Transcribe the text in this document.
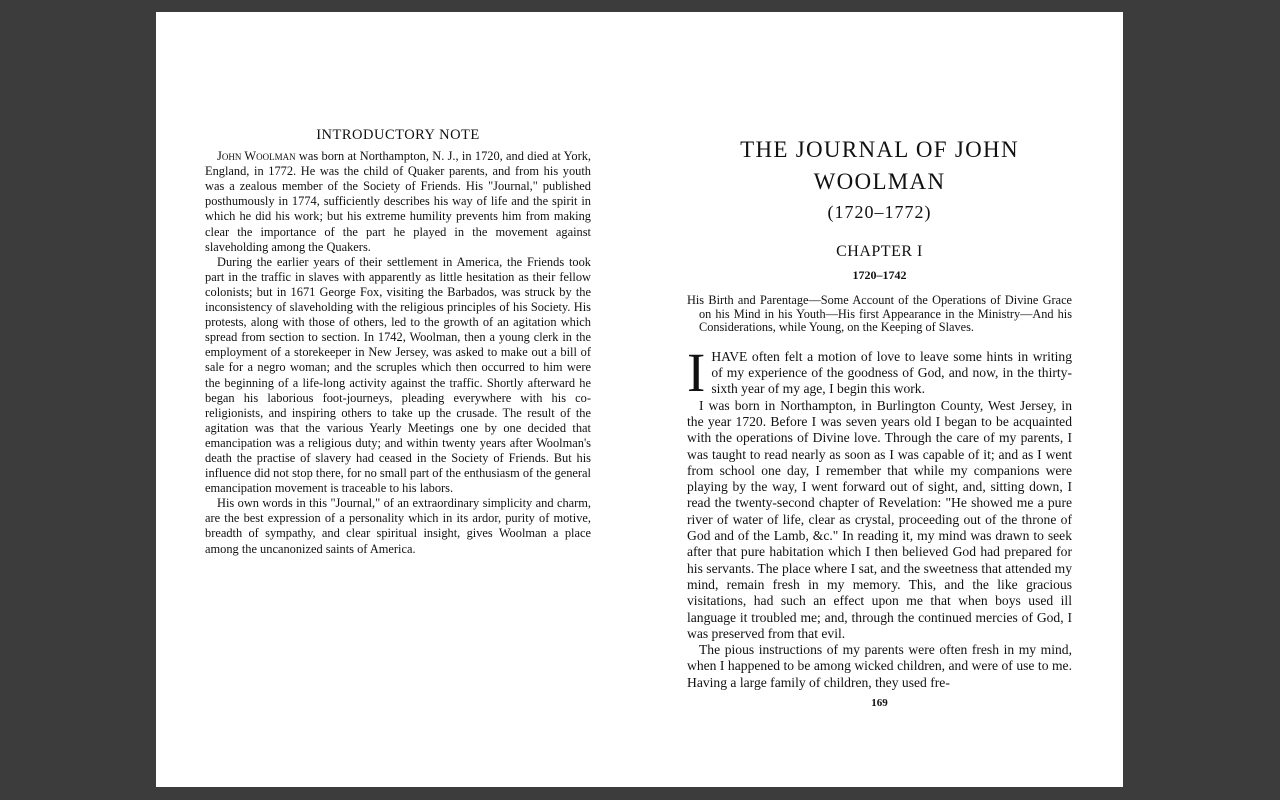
INTRODUCTORY NOTE

John Woolman was born at Northampton, N. J., in 1720, and died at York, England, in 1772. He was the child of Quaker parents, and from his youth was a zealous member of the Society of Friends. His "Journal," published posthumously in 1774, sufficiently describes his way of life and the spirit in which he did his work; but his extreme humility prevents him from making clear the importance of the part he played in the movement against slaveholding among the Quakers.

During the earlier years of their settlement in America, the Friends took part in the traffic in slaves with apparently as little hesitation as their fellow colonists; but in 1671 George Fox, visiting the Barbados, was struck by the inconsistency of slaveholding with the religious principles of his Society. His protests, along with those of others, led to the growth of an agitation which spread from section to section. In 1742, Woolman, then a young clerk in the employment of a storekeeper in New Jersey, was asked to make out a bill of sale for a negro woman; and the scruples which then occurred to him were the beginning of a life-long activity against the traffic. Shortly afterward he began his laborious foot-journeys, pleading everywhere with his co-religionists, and inspiring others to take up the crusade. The result of the agitation was that the various Yearly Meetings one by one decided that emancipation was a religious duty; and within twenty years after Woolman's death the practise of slavery had ceased in the Society of Friends. But his influence did not stop there, for no small part of the enthusiasm of the general emancipation movement is traceable to his labors.

His own words in this "Journal," of an extraordinary simplicity and charm, are the best expression of a personality which in its ardor, purity of motive, breadth of sympathy, and clear spiritual insight, gives Woolman a place among the uncanonized saints of America.

THE JOURNAL OF JOHN WOOLMAN
(1720–1772)
CHAPTER I
1720–1742
His Birth and Parentage—Some Account of the Operations of Divine Grace on his Mind in his Youth—His first Appearance in the Ministry—And his Considerations, while Young, on the Keeping of Slaves.

IHAVE often felt a motion of love to leave some hints in writing of my experience of the goodness of God, and now, in the thirty-sixth year of my age, I begin this work.

I was born in Northampton, in Burlington County, West Jersey, in the year 1720. Before I was seven years old I began to be acquainted with the operations of Divine love. Through the care of my parents, I was taught to read nearly as soon as I was capable of it; and as I went from school one day, I remember that while my companions were playing by the way, I went forward out of sight, and, sitting down, I read the twenty-second chapter of Revelation: "He showed me a pure river of water of life, clear as crystal, proceeding out of the throne of God and of the Lamb, &c." In reading it, my mind was drawn to seek after that pure habitation which I then believed God had prepared for his servants. The place where I sat, and the sweetness that attended my mind, remain fresh in my memory. This, and the like gracious visitations, had such an effect upon me that when boys used ill language it troubled me; and, through the continued mercies of God, I was preserved from that evil.

The pious instructions of my parents were often fresh in my mind, when I happened to be among wicked children, and were of use to me. Having a large family of children, they used fre-

169
